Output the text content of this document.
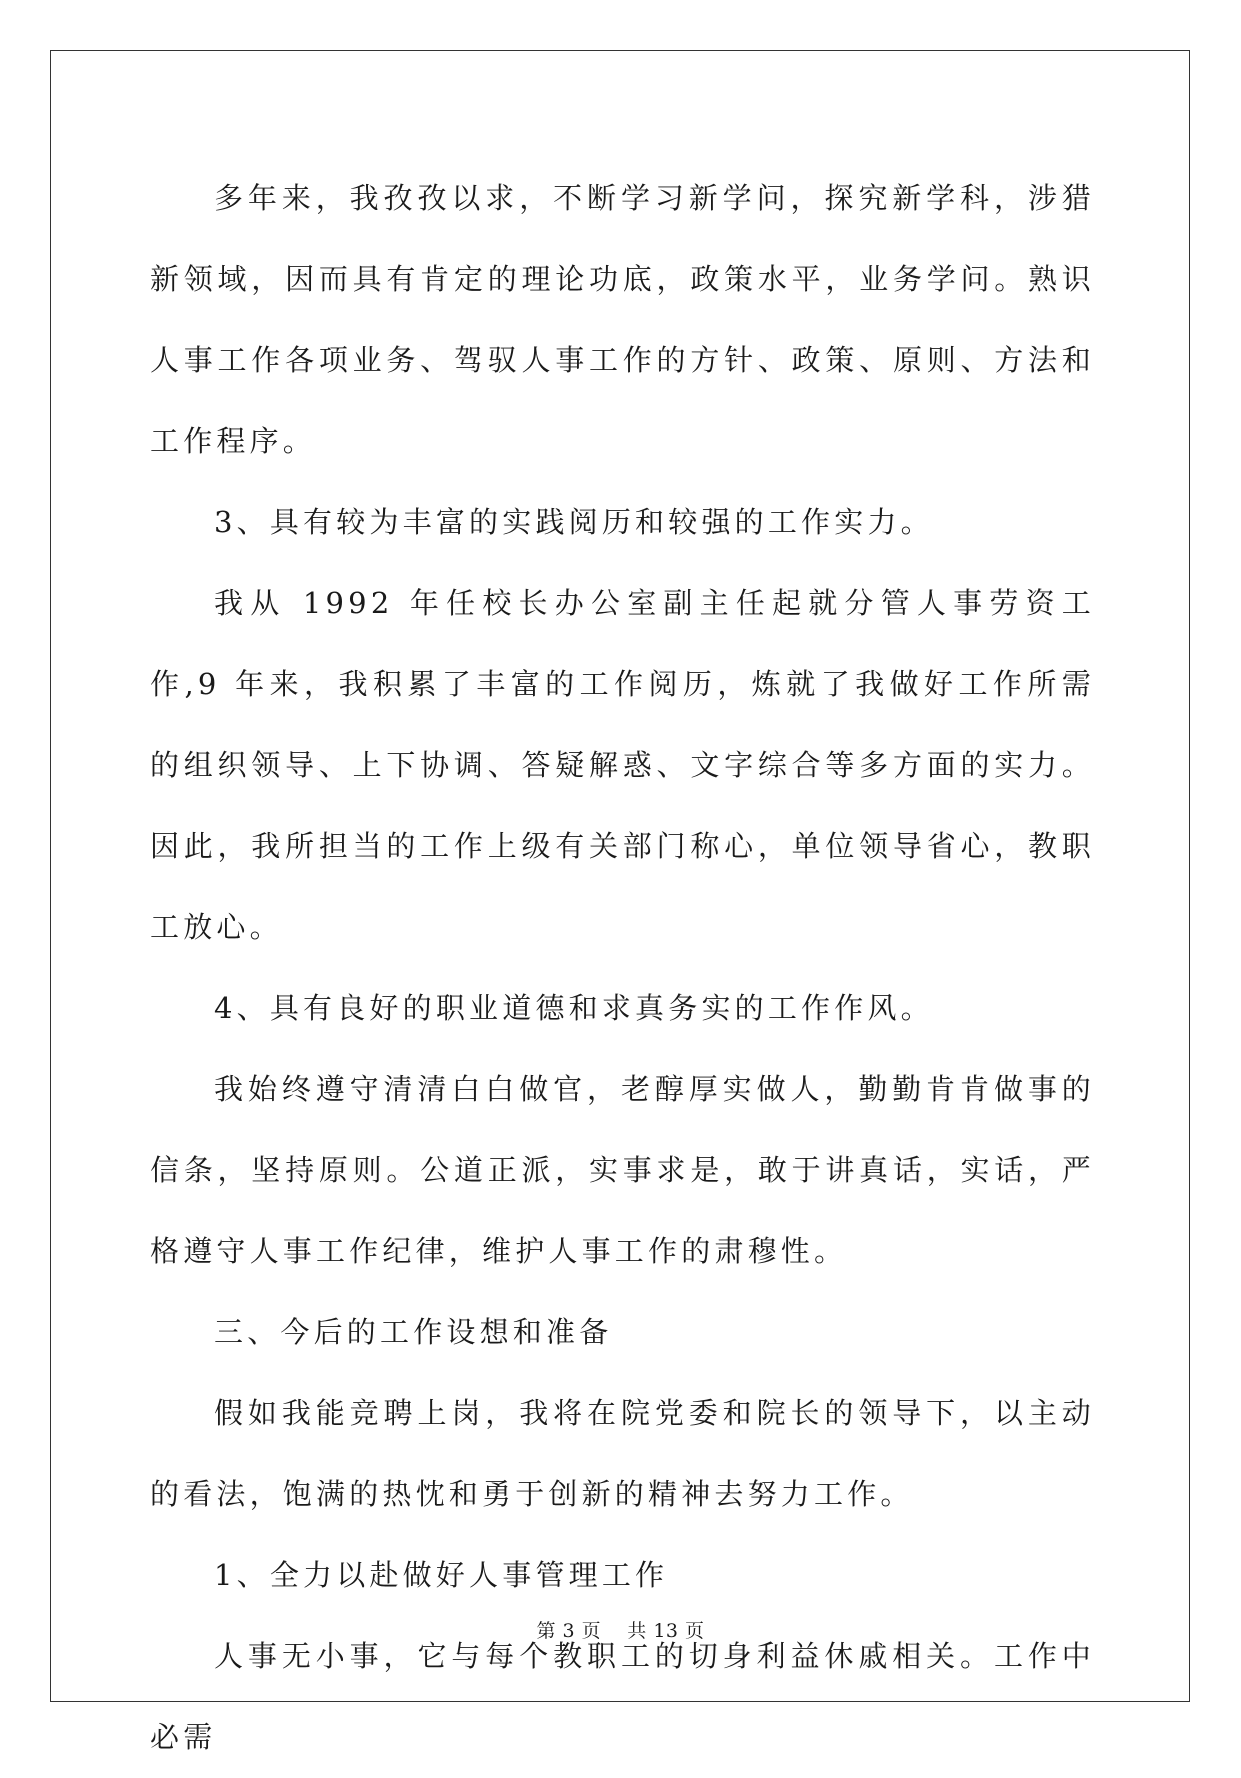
多年来，我孜孜以求，不断学习新学问，探究新学科，涉猎新领域，因而具有肯定的理论功底，政策水平，业务学问。熟识人事工作各项业务、驾驭人事工作的方针、政策、原则、方法和工作程序。

3、具有较为丰富的实践阅历和较强的工作实力。

我从 1992 年任校长办公室副主任起就分管人事劳资工作,9 年来，我积累了丰富的工作阅历，炼就了我做好工作所需的组织领导、上下协调、答疑解惑、文字综合等多方面的实力。因此，我所担当的工作上级有关部门称心，单位领导省心，教职工放心。

4、具有良好的职业道德和求真务实的工作作风。

我始终遵守清清白白做官，老醇厚实做人，勤勤肯肯做事的信条，坚持原则。公道正派，实事求是，敢于讲真话，实话，严格遵守人事工作纪律，维护人事工作的肃穆性。

三、今后的工作设想和准备

假如我能竞聘上岗，我将在院党委和院长的领导下，以主动的看法，饱满的热忱和勇于创新的精神去努力工作。

1、全力以赴做好人事管理工作

人事无小事，它与每个教职工的切身利益休戚相关。工作中必需

第 3 页 共 13 页
